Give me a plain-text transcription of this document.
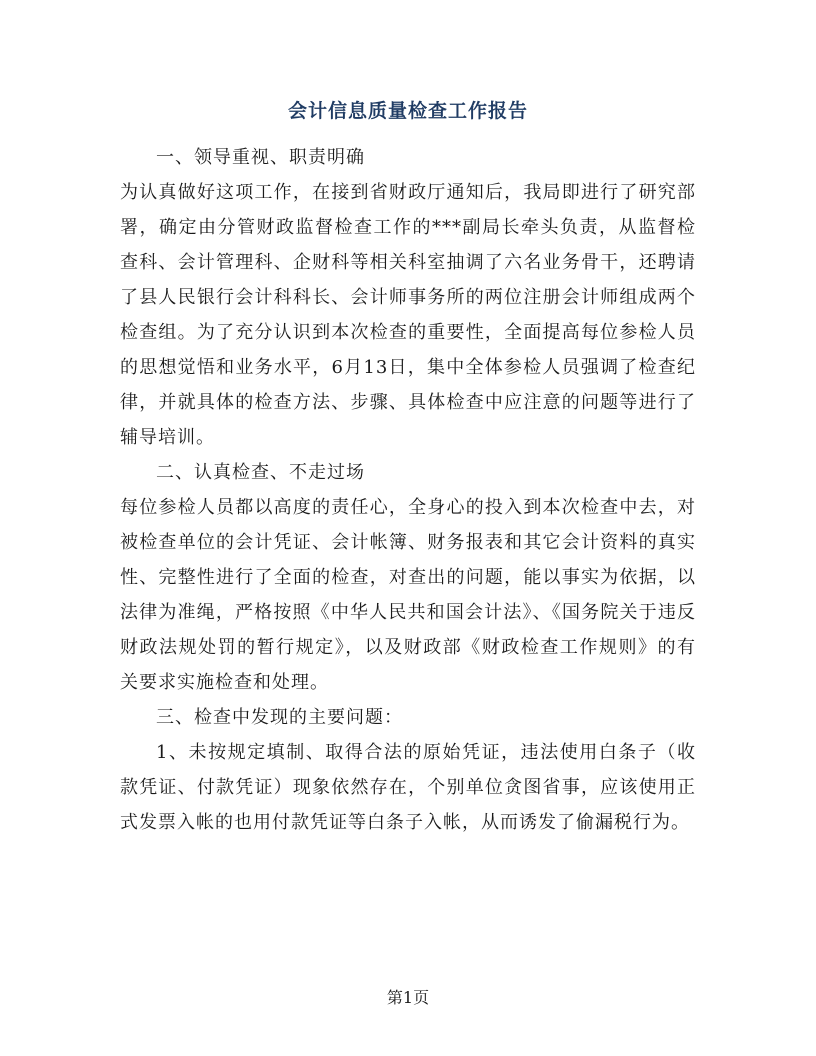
会计信息质量检查工作报告

一、领导重视、职责明确

为认真做好这项工作，在接到省财政厅通知后，我局即进行了研究部署，确定由分管财政监督检查工作的***副局长牵头负责，从监督检查科、会计管理科、企财科等相关科室抽调了六名业务骨干，还聘请了县人民银行会计科科长、会计师事务所的两位注册会计师组成两个检查组。为了充分认识到本次检查的重要性，全面提高每位参检人员的思想觉悟和业务水平，6月13日，集中全体参检人员强调了检查纪律，并就具体的检查方法、步骤、具体检查中应注意的问题等进行了辅导培训。

二、认真检查、不走过场

每位参检人员都以高度的责任心，全身心的投入到本次检查中去，对被检查单位的会计凭证、会计帐簿、财务报表和其它会计资料的真实性、完整性进行了全面的检查，对查出的问题，能以事实为依据，以法律为准绳，严格按照《中华人民共和国会计法》、《国务院关于违反财政法规处罚的暂行规定》，以及财政部《财政检查工作规则》的有关要求实施检查和处理。

三、检查中发现的主要问题：

1、未按规定填制、取得合法的原始凭证，违法使用白条子（收款凭证、付款凭证）现象依然存在，个别单位贪图省事，应该使用正式发票入帐的也用付款凭证等白条子入帐，从而诱发了偷漏税行为。

第1页
